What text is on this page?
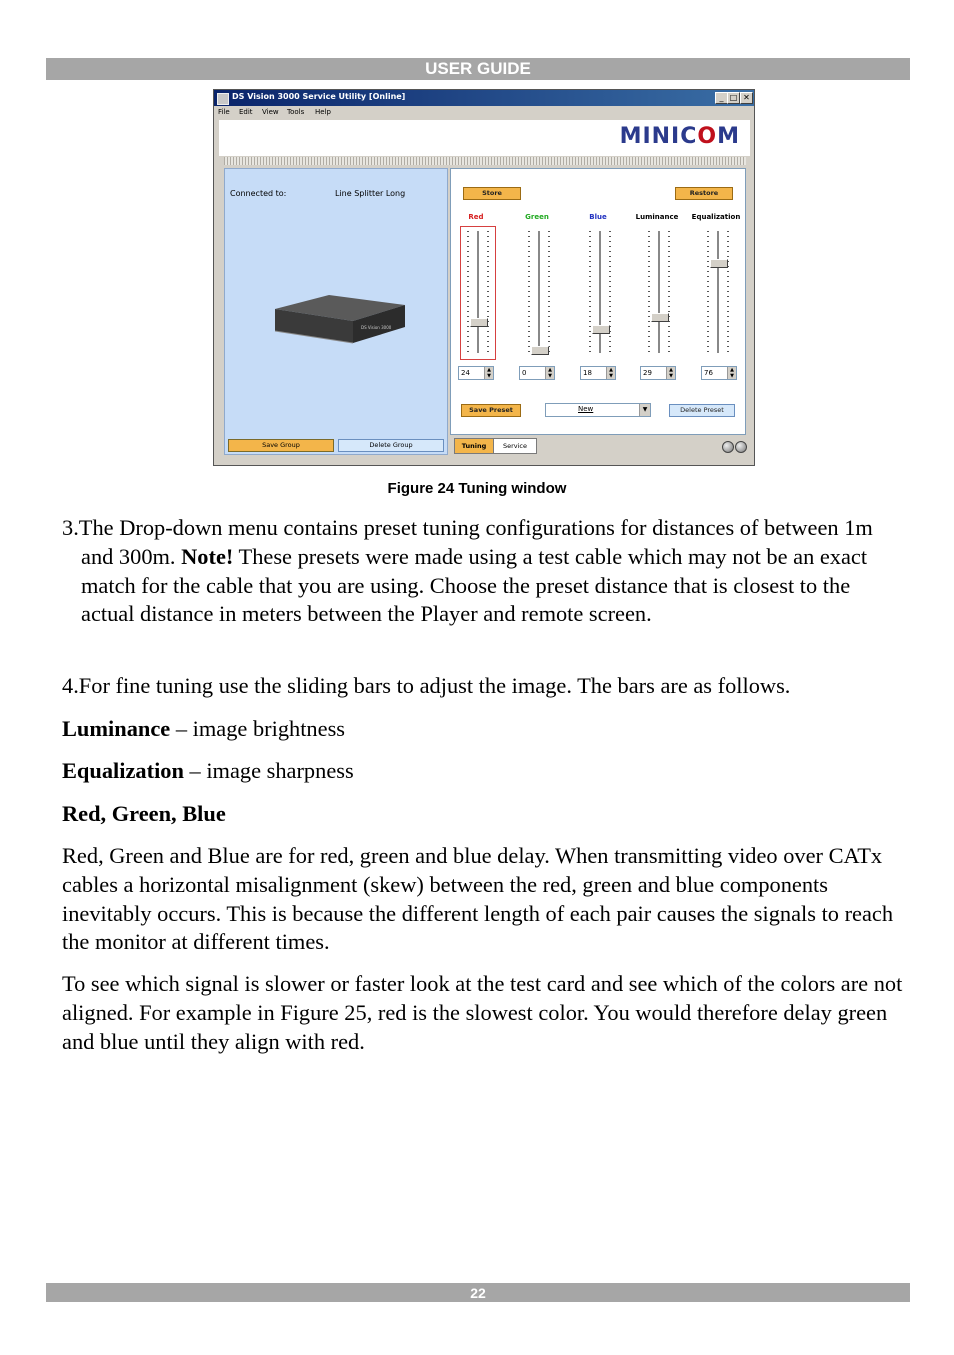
USER GUIDE
DS Vision 3000 Service Utility [Online]	_ □ ✕
File Edit View Tools Help
MINICOM
Connected to:	Line Splitter Long
DS Vision 3000
Save Group	Delete Group
Store	Restore
Red	Green	Blue	Luminance	Equalization
24	▲
▼	0	▲
▼	18	▲
▼	29	▲
▼	76	▲
▼
Save Preset	New	▼	Delete Preset
Tuning	Service
Figure 24 Tuning window

3.The Drop-down menu contains preset tuning configurations for distances of between 1m and 300m. Note! These presets were made using a test cable which may not be an exact match for the cable that you are using. Choose the preset distance that is closest to the actual distance in meters between the Player and remote screen.

4.For fine tuning use the sliding bars to adjust the image. The bars are as follows.

Luminance – image brightness

Equalization – image sharpness

Red, Green, Blue

Red, Green and Blue are for red, green and blue delay. When transmitting video over CATx cables a horizontal misalignment (skew) between the red, green and blue components inevitably occurs. This is because the different length of each pair causes the signals to reach the monitor at different times.

To see which signal is slower or faster look at the test card and see which of the colors are not aligned. For example in Figure 25, red is the slowest color. You would therefore delay green and blue until they align with red.

22
